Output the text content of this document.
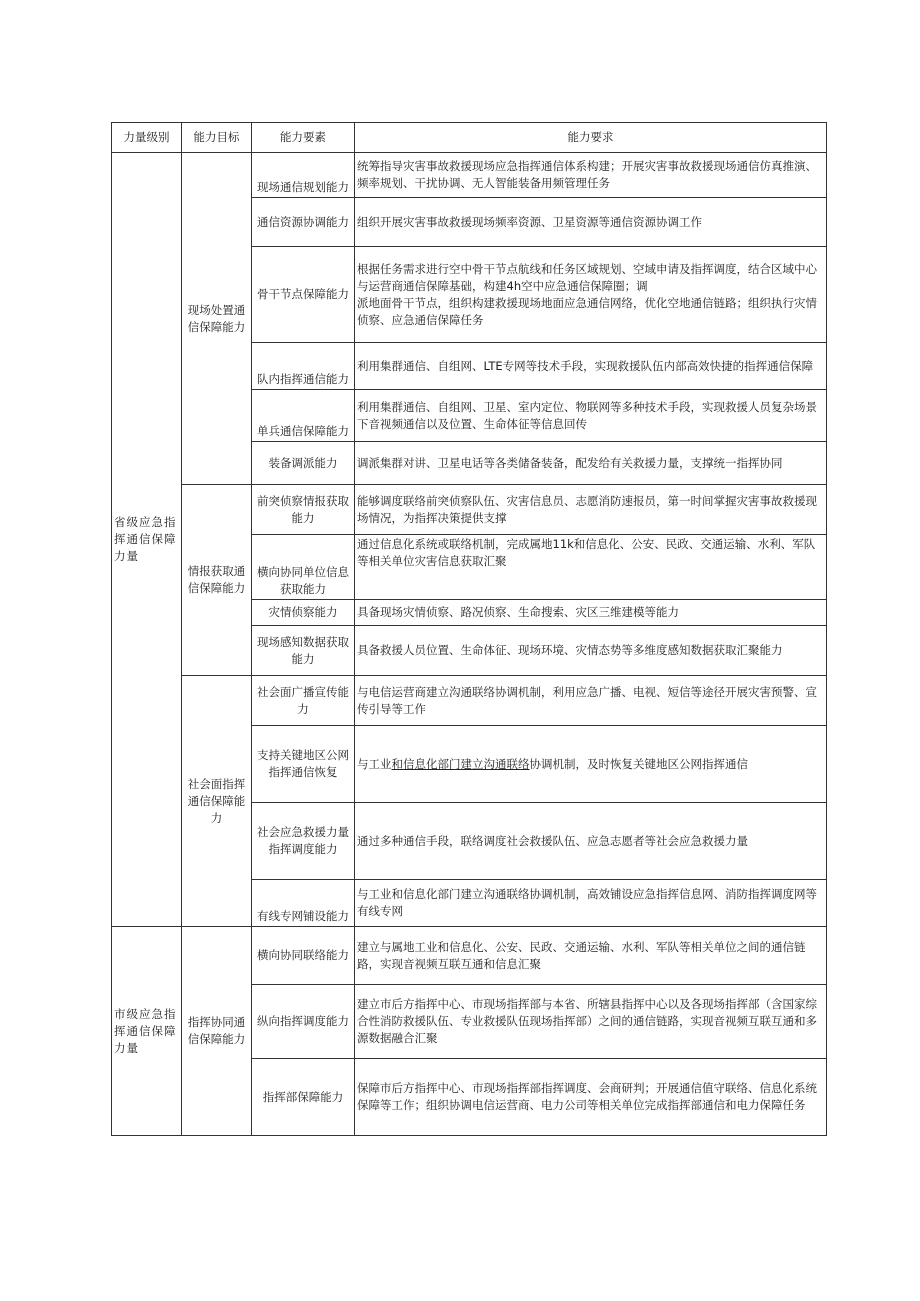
力量级别	能力目标	能力要素	能力要求
省级应急指挥通信保障力量	现场处置通信保障能力	现场通信规划能力	统筹指导灾害事故救援现场应急指挥通信体系构建；开展灾害事故救援现场通信仿真推演、频率规划、干扰协调、无人智能装备用频管理任务
		通信资源协调能力	组织开展灾害事故救援现场频率资源、卫星资源等通信资源协调工作
		骨干节点保障能力	根据任务需求进行空中骨干节点航线和任务区域规划、空域申请及指挥调度，结合区域中心与运营商通信保障基础，构建4h空中应急通信保障圈；调
派地面骨干节点，组织构建救援现场地面应急通信网络，优化空地通信链路；组织执行灾情侦察、应急通信保障任务
		队内指挥通信能力	利用集群通信、自组网、LTE专网等技术手段，实现救援队伍内部高效快捷的指挥通信保障
		单兵通信保障能力	利用集群通信、自组网、卫星、室内定位、物联网等多种技术手段，实现救援人员复杂场景下音视频通信以及位置、生命体征等信息回传
		装备调派能力	调派集群对讲、卫星电话等各类储备装备，配发给有关救援力量，支撑统一指挥协同
	情报获取通信保障能力	前突侦察情报获取能力	能够调度联络前突侦察队伍、灾害信息员、志愿消防速报员，第一时间掌握灾害事故救援现场情况，为指挥决策提供支撑
		横向协同单位信息获取能力	通过信息化系统或联络机制，完成属地11k和信息化、公安、民政、交通运输、水利、军队等相关单位灾害信息获取汇聚
		灾情侦察能力	具备现场灾情侦察、路况侦察、生命搜索、灾区三维建模等能力
		现场感知数据获取能力	具备救援人员位置、生命体征、现场环境、灾情态势等多维度感知数据获取汇聚能力
	社会面指挥通信保障能力	社会面广播宣传能力	与电信运营商建立沟通联络协调机制，利用应急广播、电视、短信等途径开展灾害预警、宣传引导等工作
		支持关键地区公网指挥通信恢复	与工业和信息化部门建立沟通联络协调机制，及时恢复关键地区公网指挥通信
		社会应急救援力量指挥调度能力	通过多种通信手段，联络调度社会救援队伍、应急志愿者等社会应急救援力量
		有线专网铺设能力	与工业和信息化部门建立沟通联络协调机制，高效铺设应急指挥信息网、消防指挥调度网等有线专网
市级应急指挥通信保障力量	指挥协同通信保障能力	横向协同联络能力	建立与属地工业和信息化、公安、民政、交通运输、水利、军队等相关单位之间的通信链路，实现音视频互联互通和信息汇聚
		纵向指挥调度能力	建立市后方指挥中心、市现场指挥部与本省、所辖县指挥中心以及各现场指挥部（含国家综合性消防救援队伍、专业救援队伍现场指挥部）之间的通信链路，实现音视频互联互通和多源数据融合汇聚
		指挥部保障能力	保障市后方指挥中心、市现场指挥部指挥调度、会商研判；开展通信值守联络、信息化系统保障等工作；组织协调电信运营商、电力公司等相关单位完成指挥部通信和电力保障任务
